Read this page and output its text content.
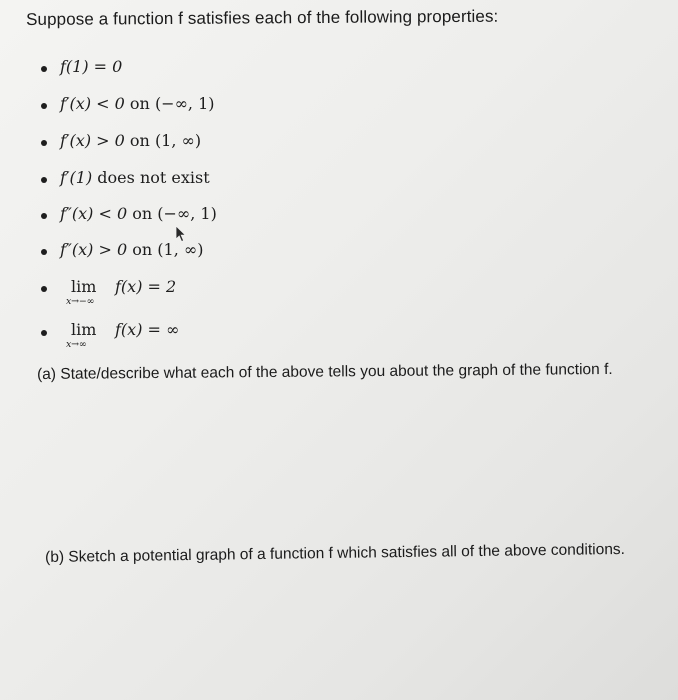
Suppose a function f satisfies each of the following properties:
f(1) = 0
f′(x) < 0 on (−∞, 1)
f′(x) > 0 on (1, ∞)
f′(1) does not exist
f″(x) < 0 on (−∞, 1)
f″(x) > 0 on (1, ∞)
lim
x→−∞
f(x) = 2
lim
x→∞
f(x) = ∞
(a) State/describe what each of the above tells you about the graph of the function f.
(b) Sketch a potential graph of a function f which satisfies all of the above conditions.
